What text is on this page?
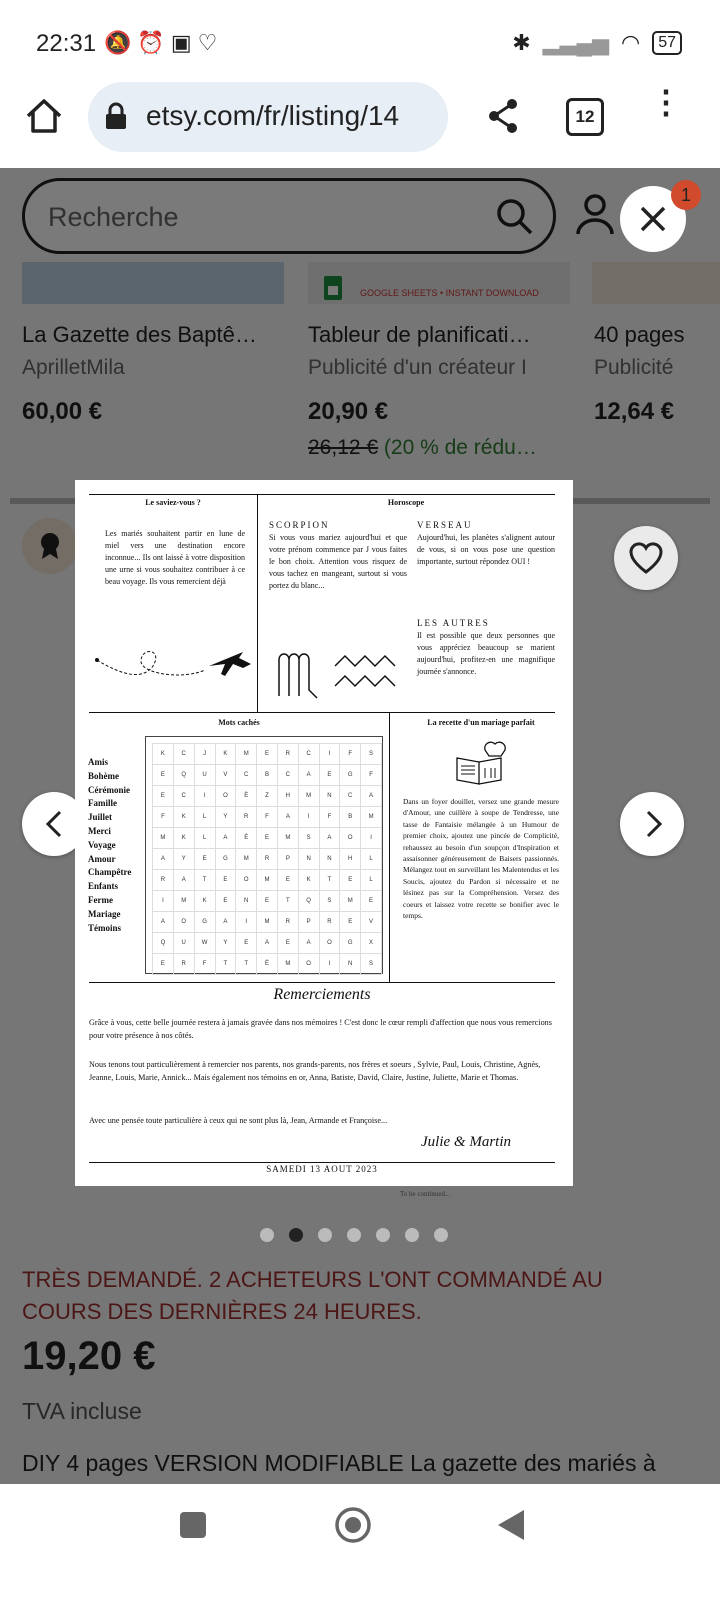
22:31 🔕⏰▣♡	✱ ▂▃▄▅ ◠	57
etsy.com/fr/listing/14	12 ⋮
1
Le saviez-vous ?
Les mariés souhaitent partir en lune de miel vers une destination encore inconnue... Ils ont laissé à votre disposition une urne si vous souhaitez contribuer à ce beau voyage. Ils vous remercient déjà
Horoscope
SCORPION
Si vous vous mariez aujourd'hui et que votre prénom commence par J vous faites le bon choix. Attention vous risquez de vous tachez en mangeant, surtout si vous portez du blanc...
VERSEAU
Aujourd'hui, les planètes s'alignent autour de vous, si on vous pose une question importante, surtout répondez OUI !
LES AUTRES
Il est possible que deux personnes que vous appréciez beaucoup se marient aujourd'hui, profitez-en une magnifique journée s'annonce.
Mots cachés
Amis
Bohème
Cérémonie
Famille
Juillet
Merci
Voyage
Amour
Champêtre
Enfants
Ferme
Mariage
Témoins
K	C	J	K	M	E	R	C	I	F	S
E	Q	U	V	C	B	C	A	E	G	F
E	C	I	O	Ë	Z	H	M	N	C	A
F	K	L	Y	R	F	A	I	F	B	M
M	K	L	A	É	E	M	S	A	O	I
A	Y	E	G	M	R	P	N	N	H	L
R	A	T	E	O	M	E	K	T	E	L
I	M	K	E	N	E	T	Q	S	M	E
A	O	G	A	I	M	R	P	R	E	V
Q	U	W	Y	E	A	E	A	O	G	X
E	R	F	T	T	Ë	M	O	I	N	S
La recette d'un mariage parfait
Dans un foyer douillet, versez une grande mesure d'Amour, une cuillère à soupe de Tendresse, une tasse de Fantaisie mélangée à un Humour de premier choix, ajoutez une pincée de Complicité, rehaussez au besoin d'un soupçon d'Inspiration et assaisonner généreusement de Baisers passionnés. Mélangez tout en surveillant les Malentendus et les Soucis, ajoutez du Pardon si nécessaire et ne lésinez pas sur la Compréhension. Versez des coeurs et laissez votre recette se bonifier avec le temps.
Remerciements
Grâce à vous, cette belle journée restera à jamais gravée dans nos mémoires ! C'est donc le cœur rempli d'affection que nous vous remercions pour votre présence à nos côtés.
Nous tenons tout particulièrement à remercier nos parents, nos grands-parents, nos frères et soeurs , Sylvie, Paul, Louis, Christine, Agnès, Jeanne, Louis, Marie, Annick... Mais également nos témoins en or, Anna, Batiste, David, Claire, Justine, Juliette, Marie et Thomas.
Avec une pensée toute particulière à ceux qui ne sont plus là, Jean, Armande et Françoise...
Julie & Martin
SAMEDI 13 AOUT 2023
To be continued...
